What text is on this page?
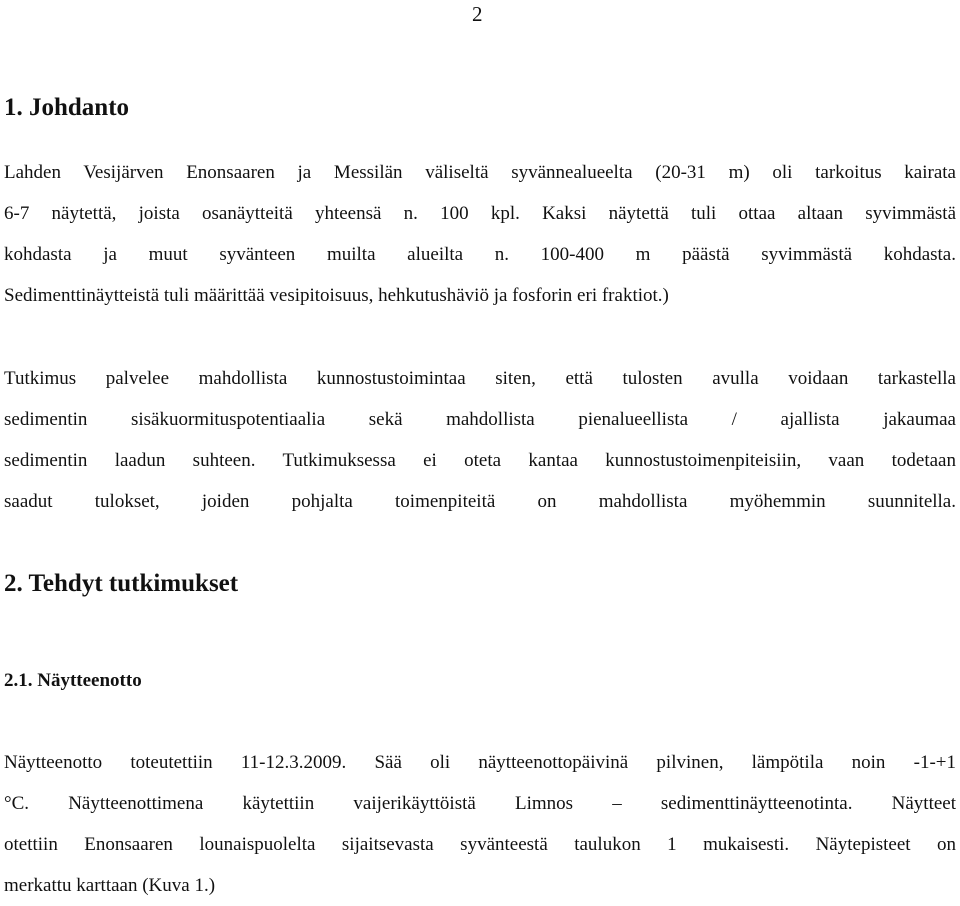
2
1. Johdanto
Lahden Vesijärven Enonsaaren ja Messilän väliseltä syvännealueelta (20-31 m) oli tarkoitus kairata
6-7 näytettä, joista osanäytteitä yhteensä n. 100 kpl. Kaksi näytettä tuli ottaa altaan syvimmästä
kohdasta ja muut syvänteen muilta alueilta n. 100-400 m päästä syvimmästä kohdasta.
Sedimenttinäytteistä tuli määrittää vesipitoisuus, hehkutushäviö ja fosforin eri fraktiot.)
Tutkimus palvelee mahdollista kunnostustoimintaa siten, että tulosten avulla voidaan tarkastella
sedimentin sisäkuormituspotentiaalia sekä mahdollista pienalueellista / ajallista jakaumaa
sedimentin laadun suhteen. Tutkimuksessa ei oteta kantaa kunnostustoimenpiteisiin, vaan todetaan
saadut tulokset, joiden pohjalta toimenpiteitä on mahdollista myöhemmin suunnitella.
2. Tehdyt tutkimukset
2.1. Näytteenotto
Näytteenotto toteutettiin 11-12.3.2009. Sää oli näytteenottopäivinä pilvinen, lämpötila noin -1-+1
°C. Näytteenottimena käytettiin vaijerikäyttöistä Limnos – sedimenttinäytteenotinta. Näytteet
otettiin Enonsaaren lounaispuolelta sijaitsevasta syvänteestä taulukon 1 mukaisesti. Näytepisteet on
merkattu karttaan (Kuva 1.)
